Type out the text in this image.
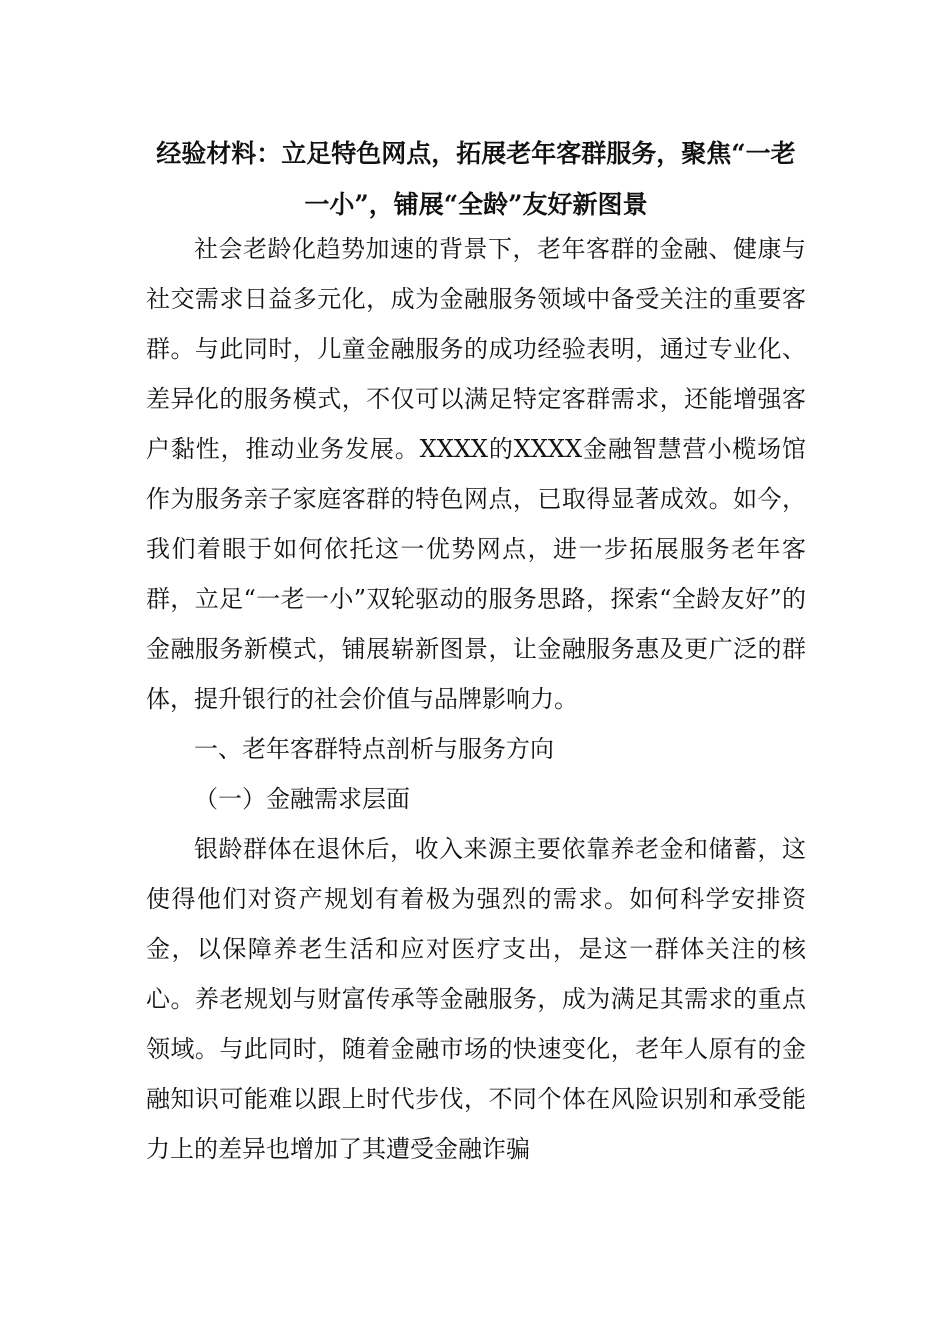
经验材料：立足特色网点，拓展老年客群服务，聚焦“一老一小”，铺展“全龄”友好新图景

社会老龄化趋势加速的背景下，老年客群的金融、健康与社交需求日益多元化，成为金融服务领域中备受关注的重要客群。与此同时，儿童金融服务的成功经验表明，通过专业化、差异化的服务模式，不仅可以满足特定客群需求，还能增强客户黏性，推动业务发展。XXXX的XXXX金融智慧营小榄场馆作为服务亲子家庭客群的特色网点，已取得显著成效。如今，我们着眼于如何依托这一优势网点，进一步拓展服务老年客群，立足“一老一小”双轮驱动的服务思路，探索“全龄友好”的金融服务新模式，铺展崭新图景，让金融服务惠及更广泛的群体，提升银行的社会价值与品牌影响力。

一、老年客群特点剖析与服务方向

（一）金融需求层面

银龄群体在退休后，收入来源主要依靠养老金和储蓄，这使得他们对资产规划有着极为强烈的需求。如何科学安排资金，以保障养老生活和应对医疗支出，是这一群体关注的核心。养老规划与财富传承等金融服务，成为满足其需求的重点领域。与此同时，随着金融市场的快速变化，老年人原有的金融知识可能难以跟上时代步伐，不同个体在风险识别和承受能力上的差异也增加了其遭受金融诈骗
